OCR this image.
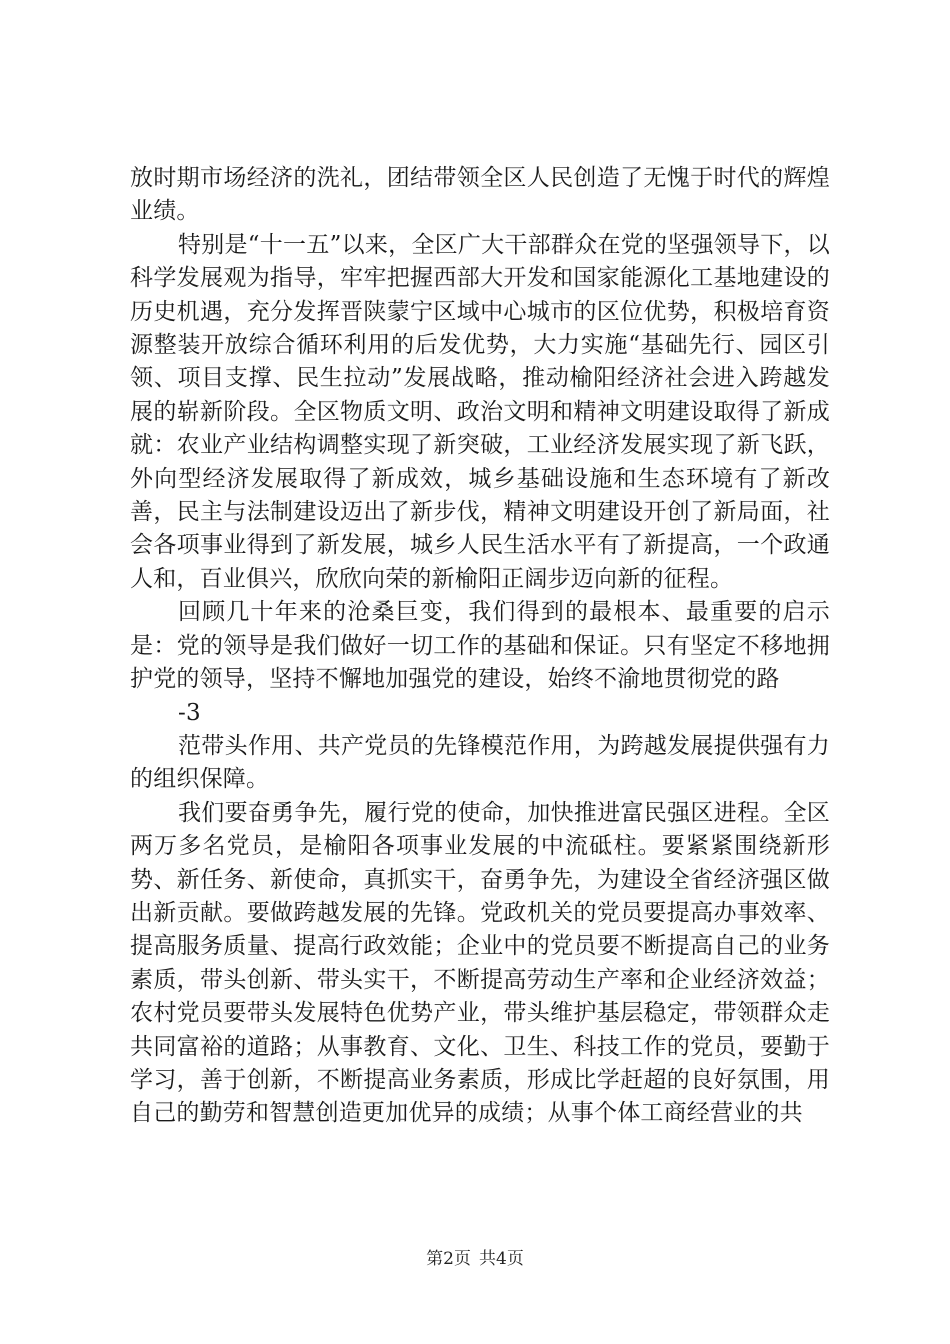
放时期市场经济的洗礼，团结带领全区人民创造了无愧于时代的辉煌业绩。

特别是“十一五”以来，全区广大干部群众在党的坚强领导下，以科学发展观为指导，牢牢把握西部大开发和国家能源化工基地建设的历史机遇，充分发挥晋陕蒙宁区域中心城市的区位优势，积极培育资源整装开放综合循环利用的后发优势，大力实施“基础先行、园区引领、项目支撑、民生拉动”发展战略，推动榆阳经济社会进入跨越发展的崭新阶段。全区物质文明、政治文明和精神文明建设取得了新成就：农业产业结构调整实现了新突破，工业经济发展实现了新飞跃，外向型经济发展取得了新成效，城乡基础设施和生态环境有了新改善，民主与法制建设迈出了新步伐，精神文明建设开创了新局面，社会各项事业得到了新发展，城乡人民生活水平有了新提高，一个政通人和，百业俱兴，欣欣向荣的新榆阳正阔步迈向新的征程。

回顾几十年来的沧桑巨变，我们得到的最根本、最重要的启示是：党的领导是我们做好一切工作的基础和保证。只有坚定不移地拥护党的领导，坚持不懈地加强党的建设，始终不渝地贯彻党的路

-3

范带头作用、共产党员的先锋模范作用，为跨越发展提供强有力的组织保障。

我们要奋勇争先，履行党的使命，加快推进富民强区进程。全区两万多名党员，是榆阳各项事业发展的中流砥柱。要紧紧围绕新形势、新任务、新使命，真抓实干，奋勇争先，为建设全省经济强区做出新贡献。要做跨越发展的先锋。党政机关的党员要提高办事效率、提高服务质量、提高行政效能；企业中的党员要不断提高自己的业务素质，带头创新、带头实干，不断提高劳动生产率和企业经济效益；农村党员要带头发展特色优势产业，带头维护基层稳定，带领群众走共同富裕的道路；从事教育、文化、卫生、科技工作的党员，要勤于学习，善于创新，不断提高业务素质，形成比学赶超的良好氛围，用自己的勤劳和智慧创造更加优异的成绩；从事个体工商经营业的共

第2页 共4页
